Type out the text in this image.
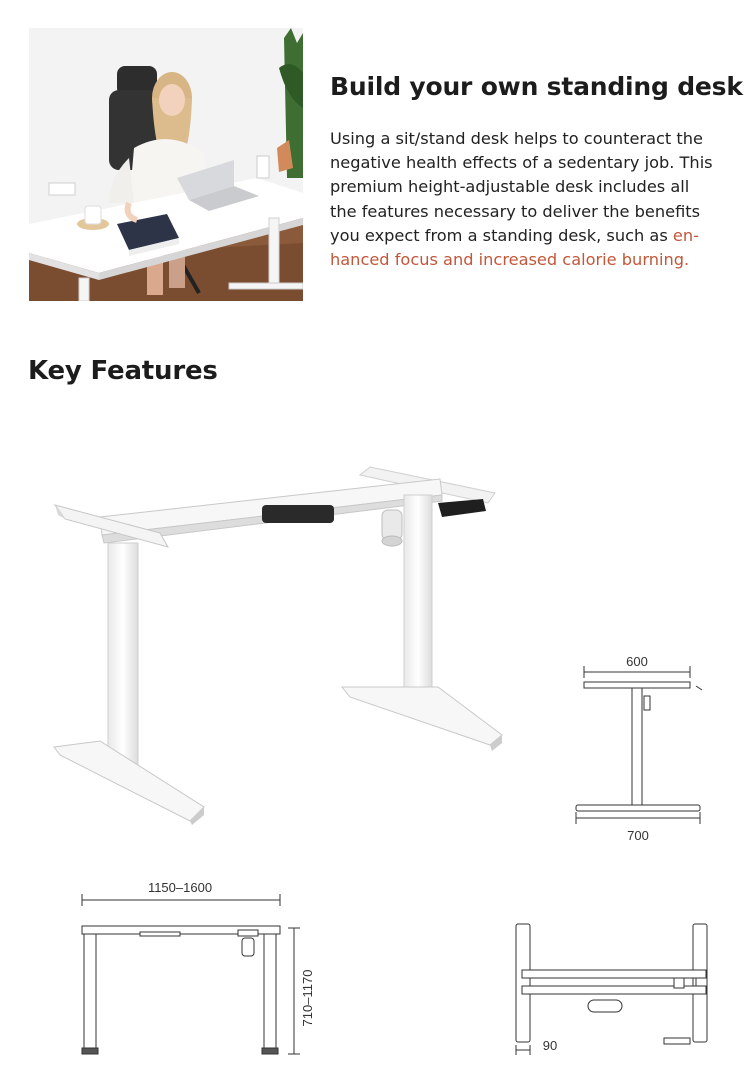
Build your own standing desk

Using a sit/stand desk helps to counteract the
negative health effects of a sedentary job. This
premium height-adjustable desk includes all
the features necessary to deliver the benefits
you expect from a standing desk, such as en-
hanced focus and increased calorie burning.

Key Features
600
700
1150–1600
710–1170
90
